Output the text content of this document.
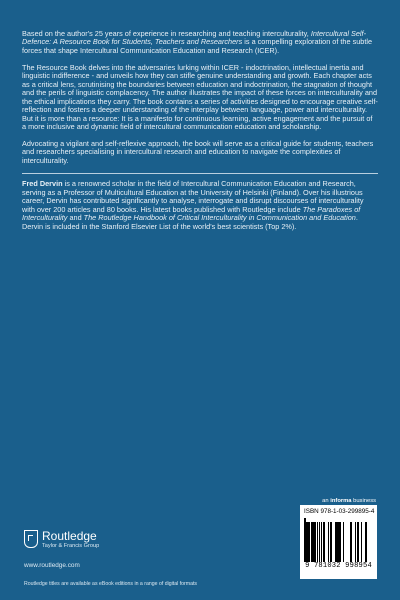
Based on the author's 25 years of experience in researching and teaching interculturality, Intercultural Self-Defence: A Resource Book for Students, Teachers and Researchers is a compelling exploration of the subtle forces that shape Intercultural Communication Education and Research (ICER).

The Resource Book delves into the adversaries lurking within ICER - indoctrination, intellectual inertia and linguistic indifference - and unveils how they can stifle genuine understanding and growth. Each chapter acts as a critical lens, scrutinising the boundaries between education and indoctrination, the stagnation of thought and the perils of linguistic complacency. The author illustrates the impact of these forces on interculturality and the ethical implications they carry. The book contains a series of activities designed to encourage creative self-reflection and fosters a deeper understanding of the interplay between language, power and interculturality. But it is more than a resource: It is a manifesto for continuous learning, active engagement and the pursuit of a more inclusive and dynamic field of intercultural communication education and scholarship.

Advocating a vigilant and self-reflexive approach, the book will serve as a critical guide for students, teachers and researchers specialising in intercultural research and education to navigate the complexities of interculturality.

Fred Dervin is a renowned scholar in the field of Intercultural Communication Education and Research, serving as a Professor of Multicultural Education at the University of Helsinki (Finland). Over his illustrious career, Dervin has contributed significantly to analyse, interrogate and disrupt discourses of interculturality with over 200 articles and 80 books. His latest books published with Routledge include The Paradoxes of Interculturality and The Routledge Handbook of Critical Interculturality in Communication and Education. Dervin is included in the Stanford Elsevier List of the world's best scientists (Top 2%).

an informa business
Routledge
Taylor & Francis Group
www.routledge.com
Routledge titles are available as eBook editions in a range of digital formats
ISBN 978-1-03-299895-4
9 781032 998954
